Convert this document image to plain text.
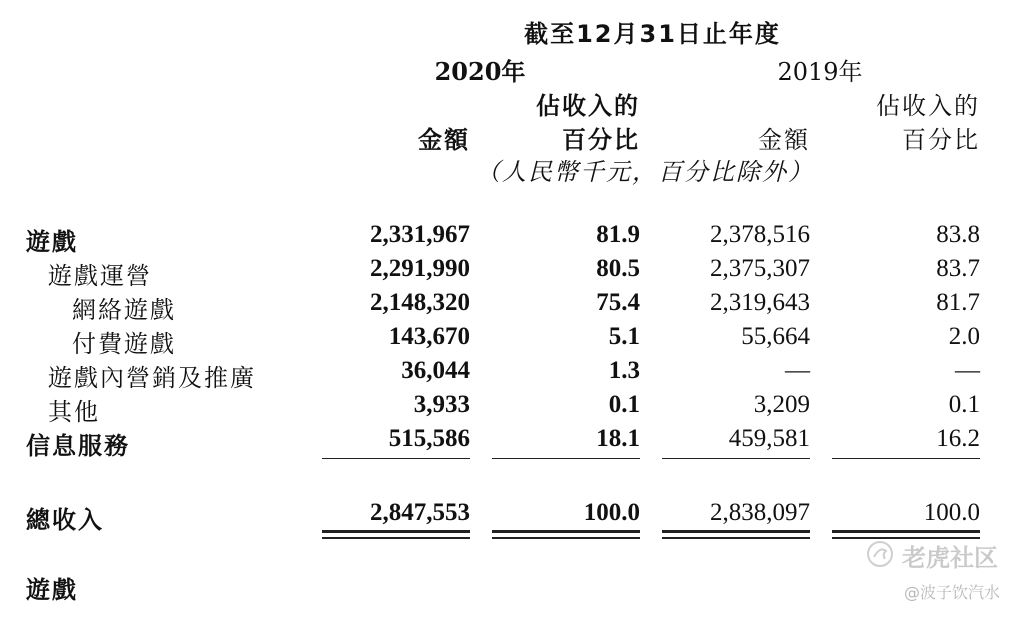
截至12月31日止年度
2020年	2019年
佔收入的	佔收入的
金額	百分比	金額	百分比
（人民幣千元，百分比除外）
遊戲	2,331,967	81.9	2,378,516	83.8
遊戲運營	2,291,990	80.5	2,375,307	83.7
網絡遊戲	2,148,320	75.4	2,319,643	81.7
付費遊戲	143,670	5.1	55,664	2.0
遊戲內營銷及推廣	36,044	1.3	—	—
其他	3,933	0.1	3,209	0.1
信息服務	515,586	18.1	459,581	16.2
總收入	2,847,553	100.0	2,838,097	100.0
遊戲
老虎社区
@波子饮汽水
